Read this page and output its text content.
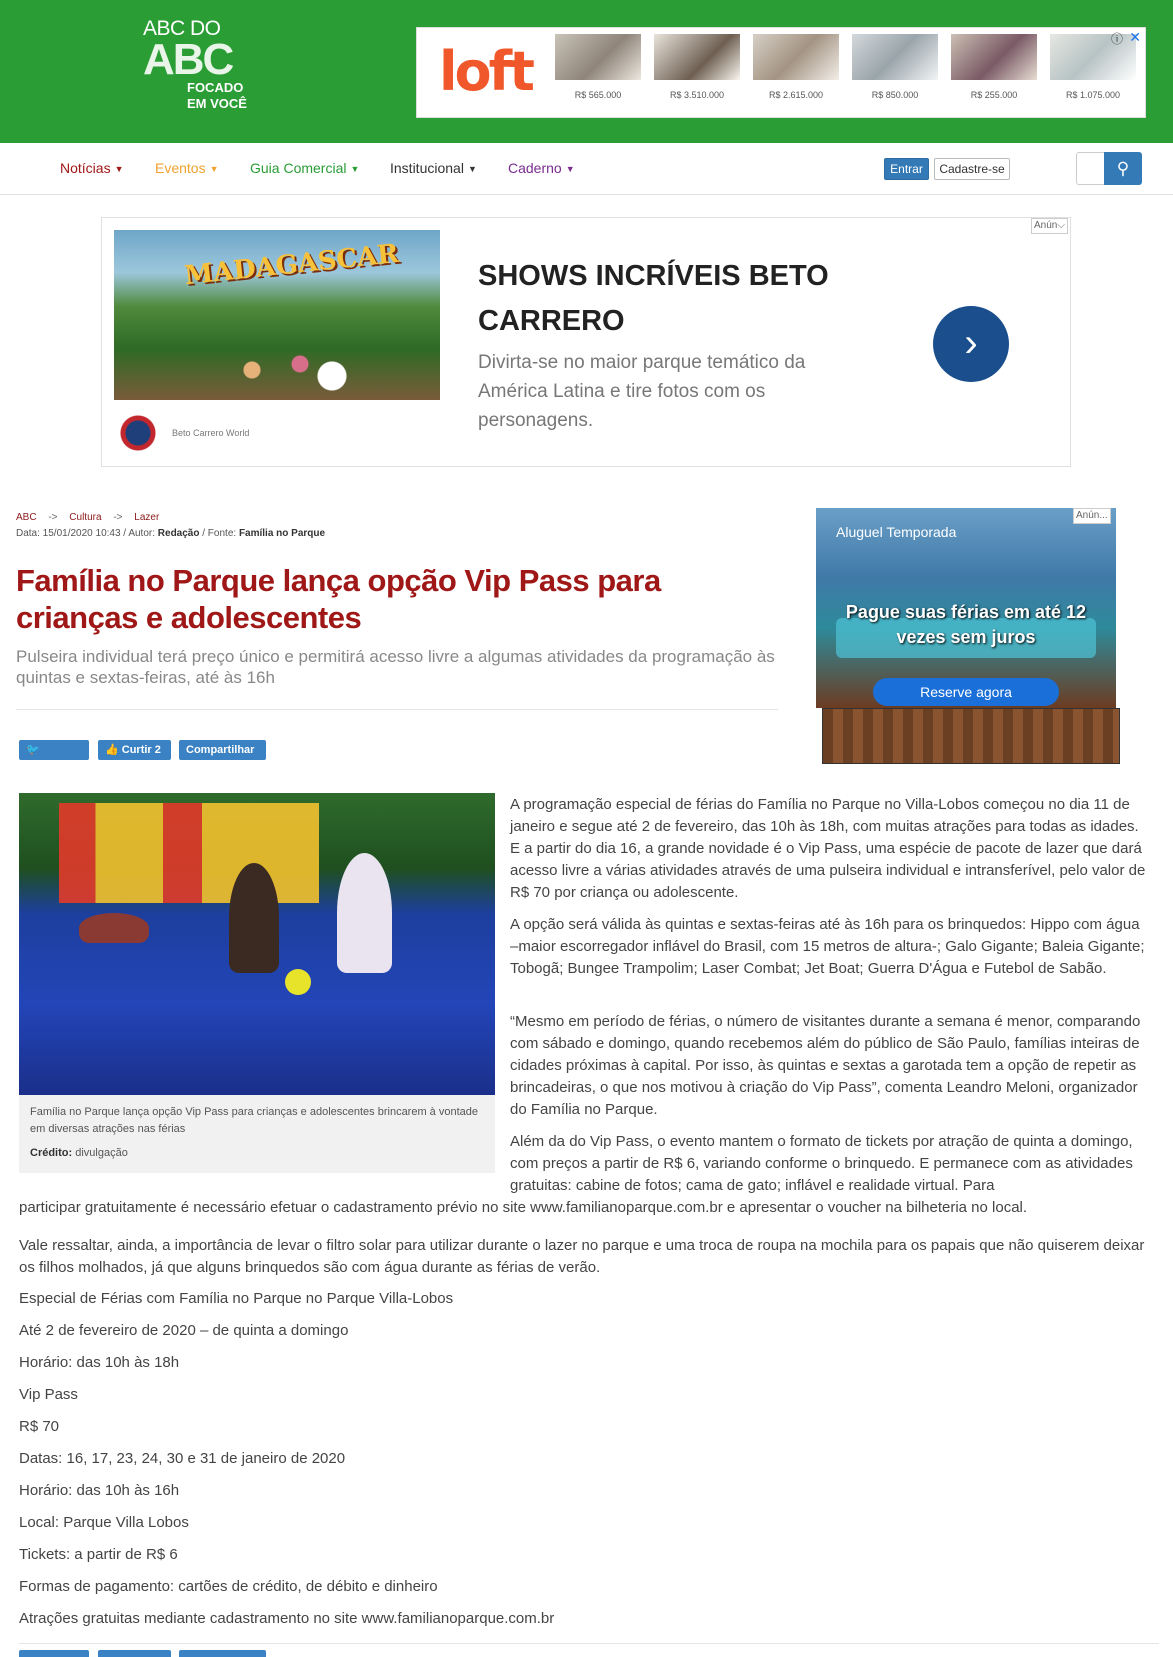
ABC DO
ABC
FOCADO
EM VOCÊ
loft	R$ 565.000	R$ 3.510.000	R$ 2.615.000	R$ 850.000	R$ 255.000	R$ 1.075.000
ⓘ ✕
Notícias ▼ Eventos ▼ Guia Comercial ▼ Institucional ▼ Caderno ▼	Entrar	Cadastre-se	⚲
MADAGASCAR
Beto Carrero World
SHOWS INCRÍVEIS BETO CARRERO
Divirta-se no maior parque temático da América Latina e tire fotos com os personagens.
›
Anún⌵
ABC -> Cultura -> Lazer
Data: 15/01/2020 10:43 / Autor: Redação / Fonte: Família no Parque
Família no Parque lança opção Vip Pass para crianças e adolescentes
Pulseira individual terá preço único e permitirá acesso livre a algumas atividades da programação às quintas e sextas-feiras, até às 16h
🐦 Tweetar
👍 Curtir 2	Compartilhar
Aluguel Temporada
Pague suas férias em até 12 vezes sem juros
Reserve agora
Anún...
Família no Parque lança opção Vip Pass para crianças e adolescentes brincarem à vontade em diversas atrações nas férias
Crédito: divulgação

A programação especial de férias do Família no Parque no Villa-Lobos começou no dia 11 de janeiro e segue até 2 de fevereiro, das 10h às 18h, com muitas atrações para todas as idades. E a partir do dia 16, a grande novidade é o Vip Pass, uma espécie de pacote de lazer que dará acesso livre a várias atividades através de uma pulseira individual e intransferível, pelo valor de R$ 70 por criança ou adolescente.

A opção será válida às quintas e sextas-feiras até às 16h para os brinquedos: Hippo com água –maior escorregador inflável do Brasil, com 15 metros de altura-; Galo Gigante; Baleia Gigante; Tobogã; Bungee Trampolim; Laser Combat; Jet Boat; Guerra D'Água e Futebol de Sabão.

“Mesmo em período de férias, o número de visitantes durante a semana é menor, comparando com sábado e domingo, quando recebemos além do público de São Paulo, famílias inteiras de cidades próximas à capital. Por isso, às quintas e sextas a garotada tem a opção de repetir as brincadeiras, o que nos motivou à criação do Vip Pass”, comenta Leandro Meloni, organizador do Família no Parque.

Além da do Vip Pass, o evento mantem o formato de tickets por atração de quinta a domingo, com preços a partir de R$ 6, variando conforme o brinquedo. E permanece com as atividades gratuitas: cabine de fotos; cama de gato; inflável e realidade virtual. Para

participar gratuitamente é necessário efetuar o cadastramento prévio no site www.familianoparque.com.br e apresentar o voucher na bilheteria no local.

Vale ressaltar, ainda, a importância de levar o filtro solar para utilizar durante o lazer no parque e uma troca de roupa na mochila para os papais que não quiserem deixar os filhos molhados, já que alguns brinquedos são com água durante as férias de verão.

Especial de Férias com Família no Parque no Parque Villa-Lobos
Até 2 de fevereiro de 2020 – de quinta a domingo
Horário: das 10h às 18h
Vip Pass
R$ 70
Datas: 16, 17, 23, 24, 30 e 31 de janeiro de 2020
Horário: das 10h às 16h
Local: Parque Villa Lobos
Tickets: a partir de R$ 6
Formas de pagamento: cartões de crédito, de débito e dinheiro
Atrações gratuitas mediante cadastramento no site www.familianoparque.com.br
